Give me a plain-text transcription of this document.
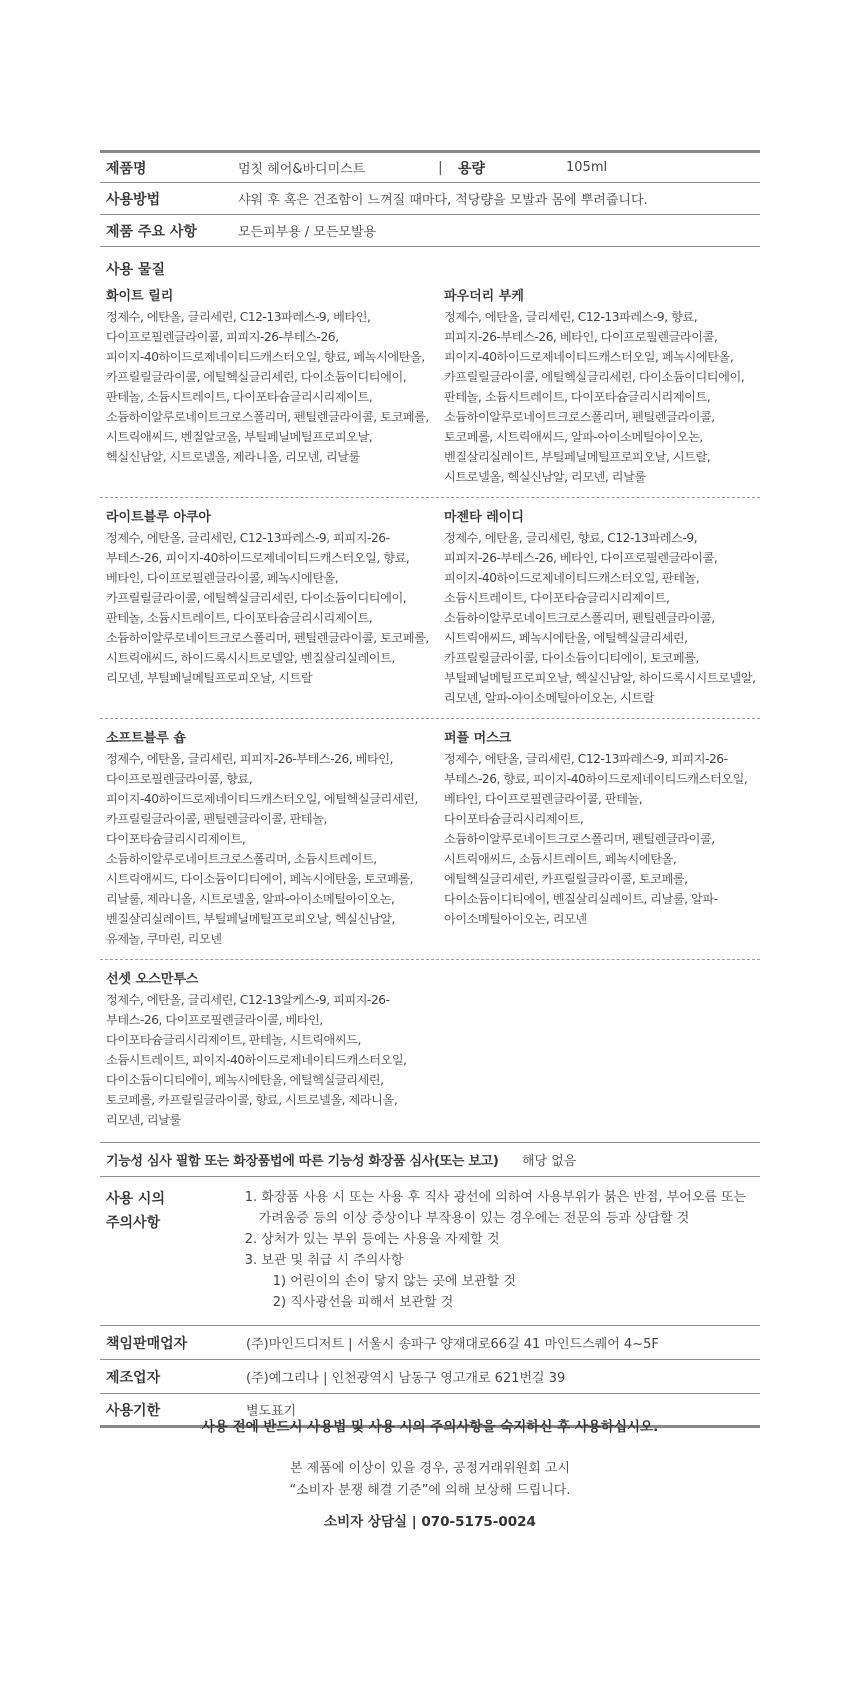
제품명	멈칫 헤어&바디미스트	|	용량	105ml
사용방법	샤워 후 혹은 건조함이 느껴질 때마다, 적당량을 모발과 몸에 뿌려줍니다.
제품 주요 사항	모든피부용 / 모든모발용
사용 물질
화이트 릴리
정제수, 에탄올, 글리세린, C12-13파레스-9, 베타인, 다이프로필렌글라이콜, 피피지-26-부테스-26, 피이지-40하이드로제네이티드캐스터오일, 향료, 페녹시에탄올, 카프릴릴글라이콜, 에틸헥실글리세린, 다이소듐이디티에이, 판테놀, 소듐시트레이트, 다이포타슘글리시리제이트, 소듐하이알루로네이트크로스폴리머, 펜틸렌글라이콜, 토코페롤, 시트릭애씨드, 벤질알코올, 부틸페닐메틸프로피오날, 헥실신남알, 시트로넬올, 제라니올, 리모넨, 리날룰
파우더리 부케
정제수, 에탄올, 글리세린, C12-13파레스-9, 향료, 피피지-26-부테스-26, 베타인, 다이프로필렌글라이콜, 피이지-40하이드로제네이티드캐스터오일, 페녹시에탄올, 카프릴릴글라이콜, 에틸헥실글리세린, 다이소듐이디티에이, 판테놀, 소듐시트레이트, 다이포타슘글리시리제이트, 소듐하이알루로네이트크로스폴리머, 펜틸렌글라이콜, 토코페롤, 시트릭애씨드, 알파-아이소메틸아이오논, 벤질살리실레이트, 부틸페닐메틸프로피오날, 시트랄, 시트로넬올, 헥실신남알, 리모넨, 리날룰
라이트블루 아쿠아
정제수, 에탄올, 글리세린, C12-13파레스-9, 피피지-26-부테스-26, 피이지-40하이드로제네이티드캐스터오일, 향료, 베타인, 다이프로필렌글라이콜, 페녹시에탄올, 카프릴릴글라이콜, 에틸헥실글리세린, 다이소듐이디티에이, 판테놀, 소듐시트레이트, 다이포타슘글리시리제이트, 소듐하이알루로네이트크로스폴리머, 펜틸렌글라이콜, 토코페롤, 시트릭애씨드, 하이드록시시트로넬알, 벤질살리실레이트, 리모넨, 부틸페닐메틸프로피오날, 시트랄
마젠타 레이디
정제수, 에탄올, 글리세린, 향료, C12-13파레스-9, 피피지-26-부테스-26, 베타인, 다이프로필렌글라이콜, 피이지-40하이드로제네이티드캐스터오일, 판테놀, 소듐시트레이트, 다이포타슘글리시리제이트, 소듐하이알루로네이트크로스폴리머, 펜틸렌글라이콜, 시트릭애씨드, 페녹시에탄올, 에틸헥실글리세린, 카프릴릴글라이콜, 다이소듐이디티에이, 토코페롤, 부틸페닐메틸프로피오날, 헥실신남알, 하이드록시시트로넬알, 리모넨, 알파-아이소메틸아이오논, 시트랄
소프트블루 숍
정제수, 에탄올, 글리세린, 피피지-26-부테스-26, 베타인, 다이프로필렌글라이콜, 향료, 피이지-40하이드로제네이티드캐스터오일, 에틸헥실글리세린, 카프릴릴글라이콜, 펜틸렌글라이콜, 판테놀, 다이포타슘글리시리제이트, 소듐하이알루로네이트크로스폴리머, 소듐시트레이트, 시트릭애씨드, 다이소듐이디티에이, 페녹시에탄올, 토코페롤, 리날룰, 제라니올, 시트로넬올, 알파-아이소메틸아이오논, 벤질살리실레이트, 부틸페닐메틸프로피오날, 헥실신남알, 유제놀, 쿠마린, 리모넨
퍼플 머스크
정제수, 에탄올, 글리세린, C12-13파레스-9, 피피지-26-부테스-26, 향료, 피이지-40하이드로제네이티드캐스터오일, 베타인, 다이프로필렌글라이콜, 판테놀, 다이포타슘글리시리제이트, 소듐하이알루로네이트크로스폴리머, 펜틸렌글라이콜, 시트릭애씨드, 소듐시트레이트, 페녹시에탄올, 에틸헥실글리세린, 카프릴릴글라이콜, 토코페롤, 다이소듐이디티에이, 벤질살리실레이트, 리날룰, 알파-아이소메틸아이오논, 리모넨
선셋 오스만투스
정제수, 에탄올, 글리세린, C12-13알케스-9, 피피지-26-부테스-26, 다이프로필렌글라이콜, 베타인, 다이포타슘글리시리제이트, 판테놀, 시트릭애씨드, 소듐시트레이트, 피이지-40하이드로제네이티드캐스터오일, 다이소듐이디티에이, 페녹시에탄올, 에틸헥실글리세린, 토코페롤, 카프릴릴글라이콜, 향료, 시트로넬올, 제라니올, 리모넨, 리날룰
기능성 심사 필함 또는 화장품법에 따른 기능성 화장품 심사(또는 보고)	해당 없음
사용 시의
주의사항
1. 화장품 사용 시 또는 사용 후 직사 광선에 의하여 사용부위가 붉은 반점, 부어오름 또는 가려움증 등의 이상 증상이나 부작용이 있는 경우에는 전문의 등과 상담할 것
2. 상처가 있는 부위 등에는 사용을 자제할 것
3. 보관 및 취급 시 주의사항
1) 어린이의 손이 닿지 않는 곳에 보관할 것
2) 직사광선을 피해서 보관할 것
책임판매업자	(주)마인드디저트 | 서울시 송파구 양재대로66길 41 마인드스퀘어 4~5F
제조업자	(주)예그리나 | 인천광역시 남동구 영고개로 621번길 39
사용기한	별도표기
사용 전에 반드시 사용법 및 사용 시의 주의사항을 숙지하신 후 사용하십시오.
본 제품에 이상이 있을 경우, 공정거래위원회 고시
“소비자 분쟁 해결 기준”에 의해 보상해 드립니다.
소비자 상담실 | 070-5175-0024
